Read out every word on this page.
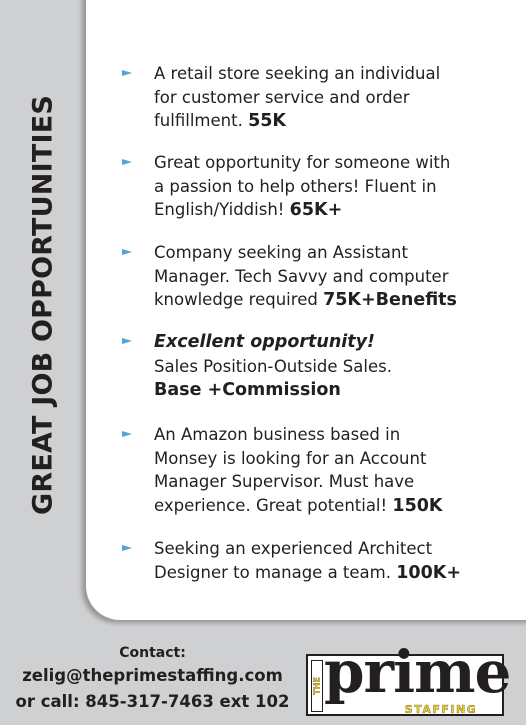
GREAT JOB OPPORTUNITIES
A retail store seeking an individual for customer service and order fulfillment. 55K
Great opportunity for someone with a passion to help others! Fluent in English/Yiddish! 65K+
Company seeking an Assistant Manager. Tech Savvy and computer knowledge required 75K+Benefits
Excellent opportunity!
Sales Position-Outside Sales.
Base +Commission
An Amazon business based in Monsey is looking for an Account Manager Supervisor. Must have experience. Great potential! 150K
Seeking an experienced Architect Designer to manage a team. 100K+
Contact:
zelig@theprimestaffing.com
or call: 845-317-7463 ext 102
THE prime
STAFFING
